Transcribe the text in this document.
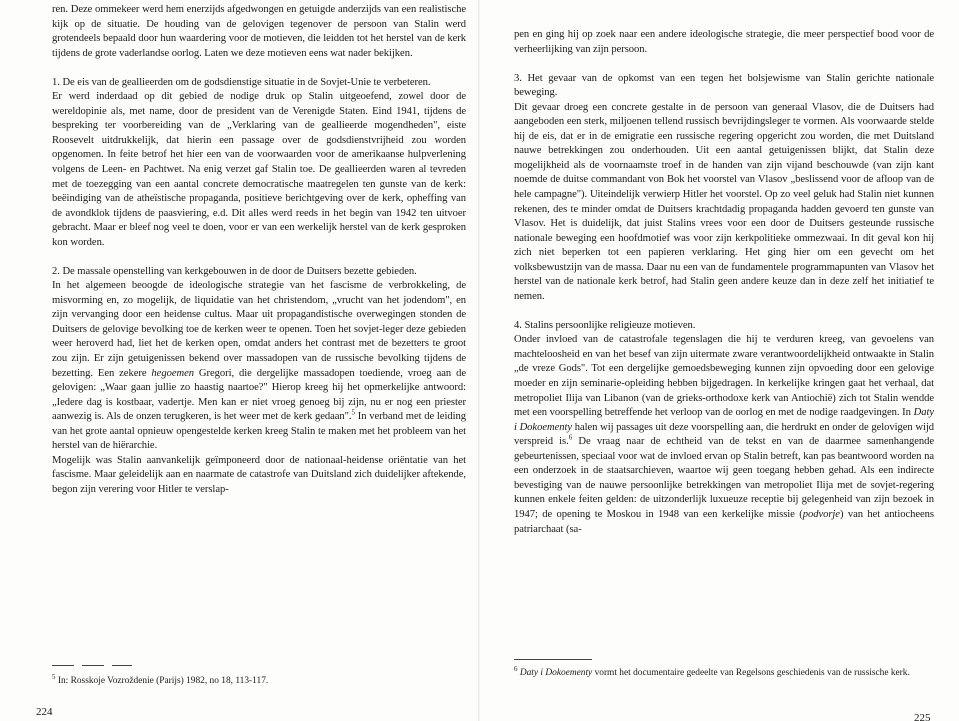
ren. Deze ommekeer werd hem enerzijds afgedwongen en getuigde anderzijds van een realistische kijk op de situatie. De houding van de gelovigen tegenover de persoon van Stalin werd grotendeels bepaald door hun waardering voor de motieven, die leidden tot het herstel van de kerk tijdens de grote vaderlandse oorlog. Laten we deze motieven eens wat nader bekijken.

1. De eis van de geallieerden om de godsdienstige situatie in de Sovjet-Unie te verbeteren.

Er werd inderdaad op dit gebied de nodige druk op Stalin uitgeoefend, zowel door de wereldopinie als, met name, door de president van de Verenigde Staten. Eind 1941, tijdens de bespreking ter voorbereiding van de „Verklaring van de geallieerde mogendheden", eiste Roosevelt uitdrukkelijk, dat hierin een passage over de godsdienstvrijheid zou worden opgenomen. In feite betrof het hier een van de voorwaarden voor de amerikaanse hulpverlening volgens de Leen- en Pachtwet. Na enig verzet gaf Stalin toe. De geallieerden waren al tevreden met de toezegging van een aantal concrete democratische maatregelen ten gunste van de kerk: beëindiging van de atheïstische propaganda, positieve berichtgeving over de kerk, opheffing van de avondklok tijdens de paasviering, e.d. Dit alles werd reeds in het begin van 1942 ten uitvoer gebracht. Maar er bleef nog veel te doen, voor er van een werkelijk herstel van de kerk gesproken kon worden.

2. De massale openstelling van kerkgebouwen in de door de Duitsers bezette gebieden.

In het algemeen beoogde de ideologische strategie van het fascisme de verbrokkeling, de misvorming en, zo mogelijk, de liquidatie van het christendom, „vrucht van het jodendom", en zijn vervanging door een heidense cultus. Maar uit propagandistische overwegingen stonden de Duitsers de gelovige bevolking toe de kerken weer te openen. Toen het sovjet-leger deze gebieden weer heroverd had, liet het de kerken open, omdat anders het contrast met de bezetters te groot zou zijn. Er zijn getuigenissen bekend over massadopen van de russische bevolking tijdens de bezetting. Een zekere hegoemen Gregori, die dergelijke massadopen toediende, vroeg aan de gelovigen: „Waar gaan jullie zo haastig naartoe?" Hierop kreeg hij het opmerkelijke antwoord: „Iedere dag is kostbaar, vadertje. Men kan er niet vroeg genoeg bij zijn, nu er nog een priester aanwezig is. Als de onzen terugkeren, is het weer met de kerk gedaan".$^5$ In verband met de leiding van het grote aantal opnieuw opengestelde kerken kreeg Stalin te maken met het probleem van het herstel van de hiërarchie.

Mogelijk was Stalin aanvankelijk geïmponeerd door de nationaal-heidense oriëntatie van het fascisme. Maar geleidelijk aan en naarmate de catastrofe van Duitsland zich duidelijker aftekende, begon zijn verering voor Hitler te verslap-

$^5$ In: Rosskoje Vozroždenie (Parijs) 1982, no 18, 113-117.
224

pen en ging hij op zoek naar een andere ideologische strategie, die meer perspectief bood voor de verheerlijking van zijn persoon.

3. Het gevaar van de opkomst van een tegen het bolsjewisme van Stalin gerichte nationale beweging.

Dit gevaar droeg een concrete gestalte in de persoon van generaal Vlasov, die de Duitsers had aangeboden een sterk, miljoenen tellend russisch bevrijdingsleger te vormen. Als voorwaarde stelde hij de eis, dat er in de emigratie een russische regering opgericht zou worden, die met Duitsland nauwe betrekkingen zou onderhouden. Uit een aantal getuigenissen blijkt, dat Stalin deze mogelijkheid als de voornaamste troef in de handen van zijn vijand beschouwde (van zijn kant noemde de duitse commandant von Bok het voorstel van Vlasov „beslissend voor de afloop van de hele campagne"). Uiteindelijk verwierp Hitler het voorstel. Op zo veel geluk had Stalin niet kunnen rekenen, des te minder omdat de Duitsers krachtdadig propaganda hadden gevoerd ten gunste van Vlasov. Het is duidelijk, dat juist Stalins vrees voor een door de Duitsers gesteunde russische nationale beweging een hoofdmotief was voor zijn kerkpolitieke ommezwaai. In dit geval kon hij zich niet beperken tot een papieren verklaring. Het ging hier om een gevecht om het volksbewustzijn van de massa. Daar nu een van de fundamentele programmapunten van Vlasov het herstel van de nationale kerk betrof, had Stalin geen andere keuze dan in deze zelf het initiatief te nemen.

4. Stalins persoonlijke religieuze motieven.

Onder invloed van de catastrofale tegenslagen die hij te verduren kreeg, van gevoelens van machteloosheid en van het besef van zijn uitermate zware verantwoordelijkheid ontwaakte in Stalin „de vreze Gods". Tot een dergelijke gemoedsbeweging kunnen zijn opvoeding door een gelovige moeder en zijn seminarie-opleiding hebben bijgedragen. In kerkelijke kringen gaat het verhaal, dat metropoliet Ilija van Libanon (van de grieks-orthodoxe kerk van Antiochië) zich tot Stalin wendde met een voorspelling betreffende het verloop van de oorlog en met de nodige raadgevingen. In Daty i Dokoementy halen wij passages uit deze voorspelling aan, die herdrukt en onder de gelovigen wijd verspreid is.$^6$ De vraag naar de echtheid van de tekst en van de daarmee samenhangende gebeurtenissen, speciaal voor wat de invloed ervan op Stalin betreft, kan pas beantwoord worden na een onderzoek in de staatsarchieven, waartoe wij geen toegang hebben gehad. Als een indirecte bevestiging van de nauwe persoonlijke betrekkingen van metropoliet Ilija met de sovjet-regering kunnen enkele feiten gelden: de uitzonderlijk luxueuze receptie bij gelegenheid van zijn bezoek in 1947; de opening te Moskou in 1948 van een kerkelijke missie (podvorje) van het antiocheens patriarchaat (sa-

$^6$ Daty i Dokoementy vormt het documentaire gedeelte van Regelsons geschiedenis van de russische kerk.
225
